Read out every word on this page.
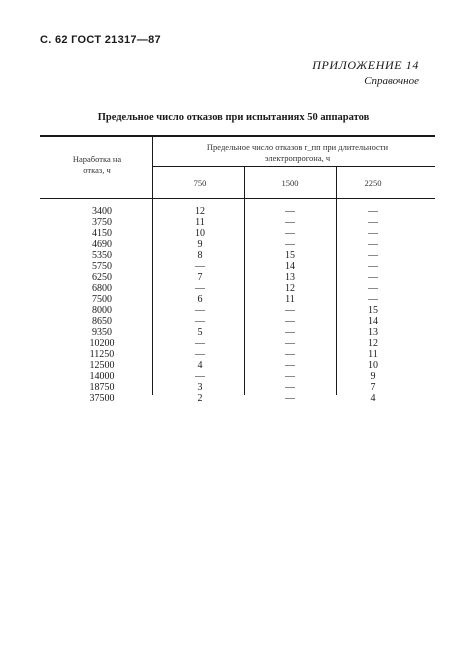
С. 62 ГОСТ 21317—87
ПРИЛОЖЕНИЕ 14
Справочное
Предельное число отказов при испытаниях 50 аппаратов
Наработка на
отказ, ч
Предельное число отказов r_пп при длительности
электропрогона, ч
750	1500	2250
3400
3750
4150
4690
5350
5750
6250
6800
7500
8000
8650
9350
10200
11250
12500
14000
18750
37500
12
11
10
9
8
—
7
—
6
—
—
5
—
—
4
—
3
2
—
—
—
—
15
14
13
12
11
—
—
—
—
—
—
—
—
—
—
—
—
—
—
—
—
—
—
15
14
13
12
11
10
9
7
4
